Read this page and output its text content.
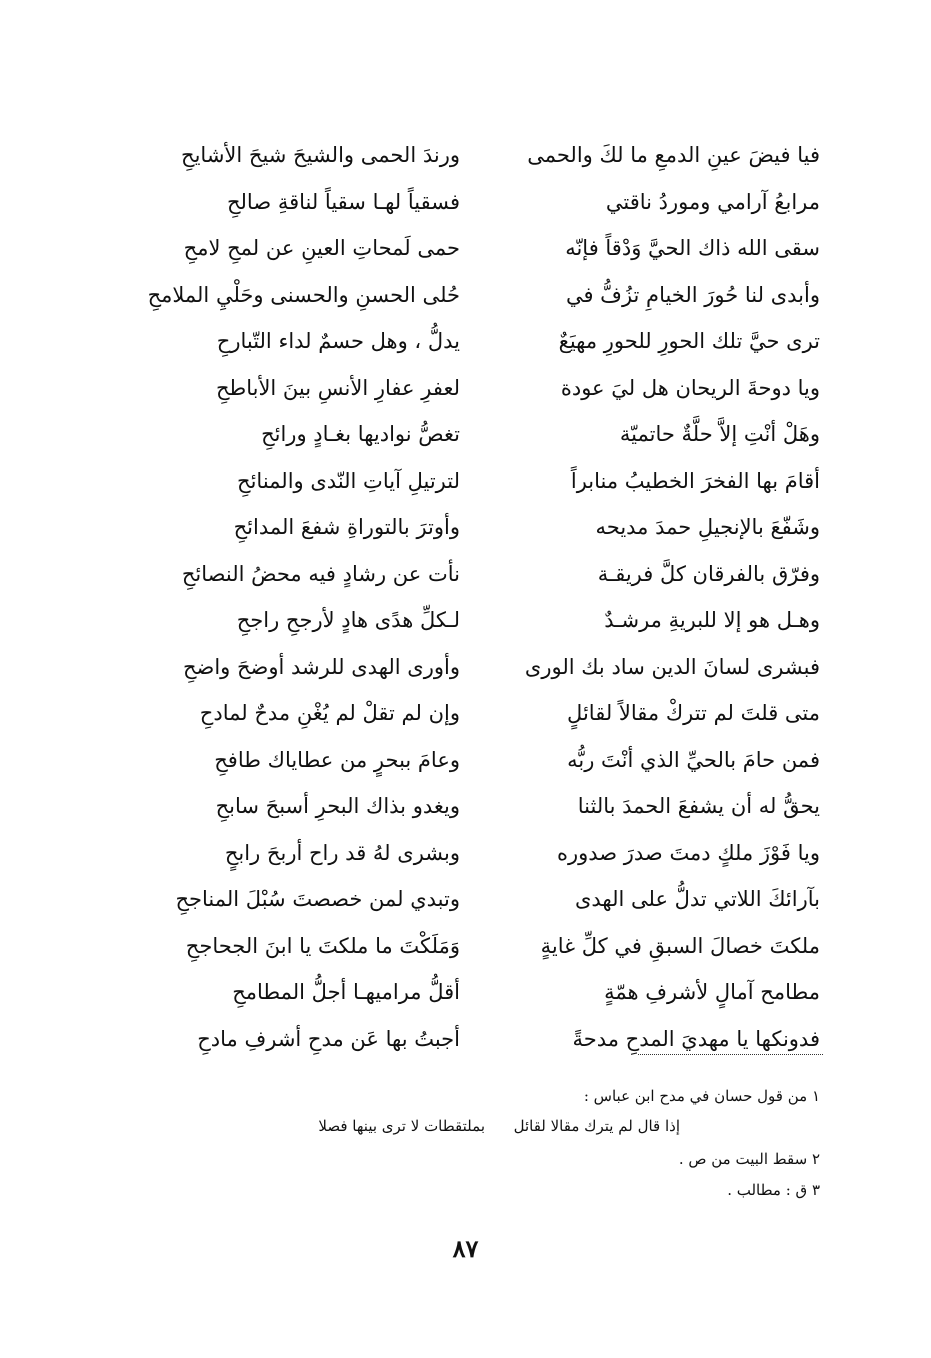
فيا فيضَ عينِ الدمعِ ما لكَ والحمى
مرابعُ آرامي وموردُ ناقتي
سقى الله ذاك الحيَّ وَدْقاً فإنّه
وأبدى لنا حُورَ الخيامِ تزُفُّ في
ترى حيَّ تلك الحورِ للحورِ مهيَعٌ
ويا دوحةَ الريحان هل ليَ عودة
وهَلْ أنْتِ إلاَّ حلَّةٌ حاتميّة
أقامَ بها الفخرَ الخطيبُ منابراً
وشَفّعَ بالإنجيلِ حمدَ مديحه
وفرّق بالفرقان كلَّ فريقـة
وهـل هو إلا للبريةِ مرشـدٌ
فبشرى لسانَ الدين ساد بك الورى
متى قلتَ لم تتركْ مقالاً لقائلٍ
فمن حامَ بالحيِّ الذي أنْتَ ربُّه
يحقُّ له أن يشفعَ الحمدَ بالثنا
ويا فَوْزَ ملكٍ دمتَ صدرَ صدوره
بآرائكَ اللاتي تدلُّ على الهدى
ملكتَ خصالَ السبقِ في كلِّ غايةٍ
مطامح آمالٍ لأشرفِ همّةٍ
فدونكها يا مهديَ المدحِ مدحةً
ورندَ الحمى والشيحَ شيحَ الأشايحِ
فسقياً لهـا سقياً لناقةِ صالحِ
حمى لَمحاتِ العينِ عن لمحِ لامحِ
حُلى الحسنِ والحسنى وحَلْيِ الملامحِ
يدلُّ ، وهل حسمٌ لداء التّبارحِ
لعفرِ عفارِ الأنسِ بينَ الأباطحِ
تغصُّ نواديها بغـادٍ ورائحِ
لترتيلِ آياتِ النّدى والمنائحِ
وأوترَ بالتوراةِ شفعَ المدائحِ
نأت عن رشادٍ فيه محضُ النصائحِ
لـكلِّ هدًى هادٍ لأرجحِ راجحِ
وأورى الهدى للرشد أوضحَ واضحِ
وإن لم تقلْ لم يُغْنِ مدحٌ لمادحِ
وعامَ ببحرٍ من عطاياك طافحِ
ويغدو بذاك البحرِ أسبحَ سابحِ
وبشرى لهُ قد راح أربحَ رابحٍ
وتبدي لمن خصصتَ سُبْلَ المناجحِ
وَمَلَكْتَ ما ملكتَ يا ابنَ الجحاجحِ
أقلُّ مراميهـا أجلُّ المطامحِ
أجبتُ بها عَن مدحِ أشرفِ مادحِ
١ من قول حسان في مدح ابن عباس :
إذا قال لم يترك مقالا لقائل
بملتقطات لا ترى بينها فصلا
٢ سقط البيت من ص .
٣ ق : مطالب .
٨٧
